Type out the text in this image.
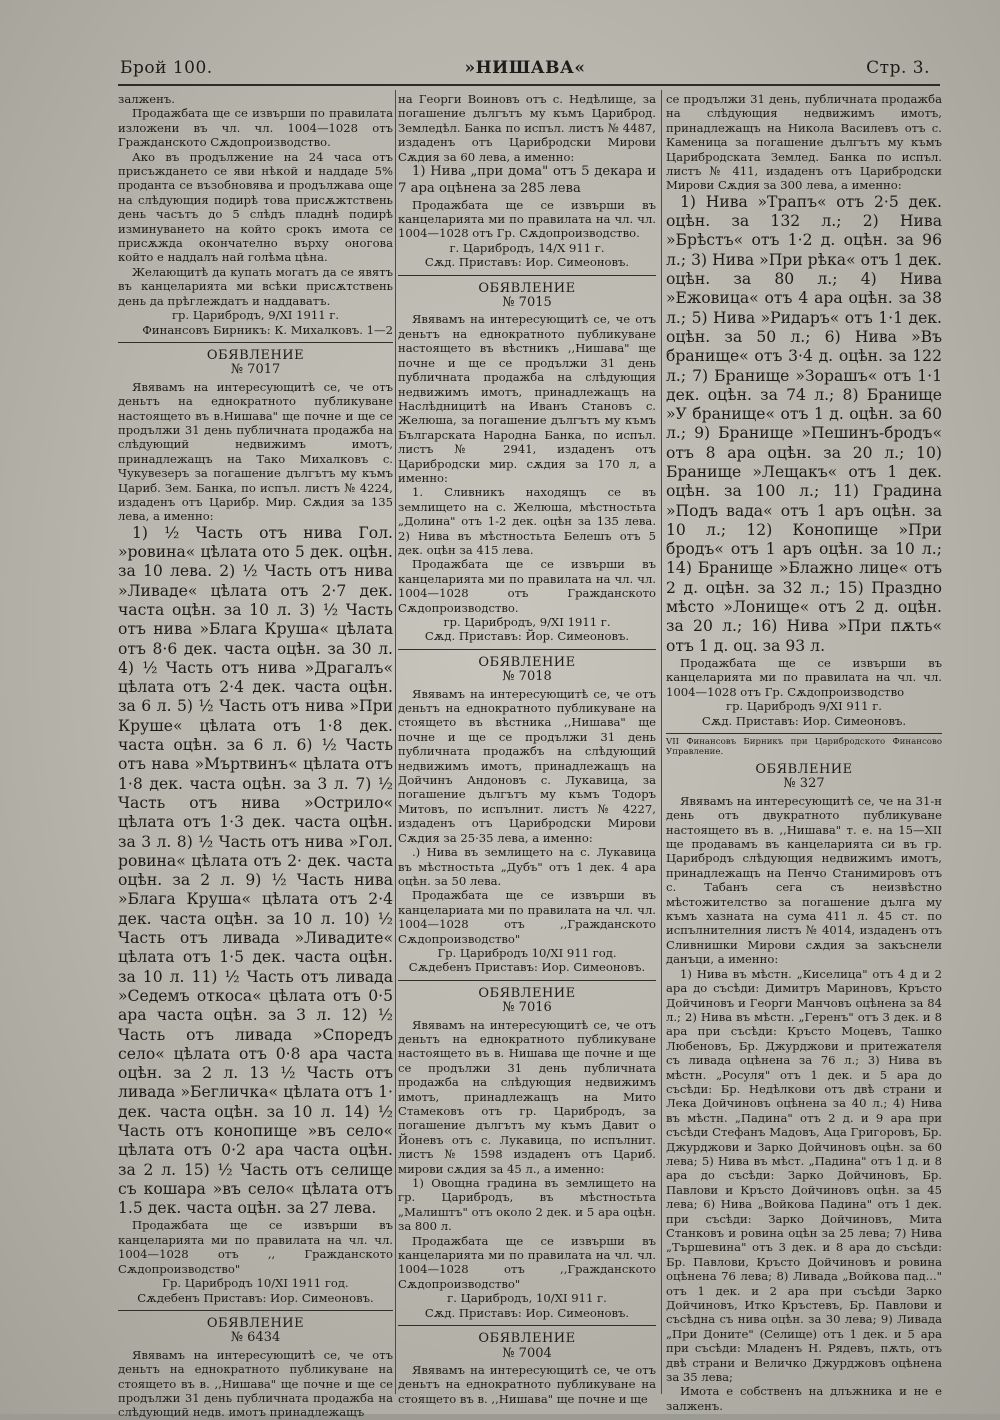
Брой 100.	»НИШАВА«	Стр. 3.

залженъ.

Продажбата ще се извърши по правилата изложени въ чл. чл. 1004—1028 отъ Гражданското Сѫдопроизводство.

Ако въ продължение на 24 часа отъ присъждането се яви нѣкой и наддаде 5% проданта се възобновява и продължава още на слѣдующия подирѣ това присѫжтствень день часътъ до 5 слѣдъ пладнѣ подирѣ изминуването на който срокъ имота се присѫжда окончателно върху оногова който е наддалъ най голѣма цѣна.

Желающитѣ да купать могатъ да се явятъ въ канцеларията ми всѣки присѫтствень день да прѣглеждатъ и наддаватъ.

гр. Царибродъ, 9/XI 1911 г.

Финансовъ Бирникъ: К. Михалковъ. 1—2

ОБЯВЛЕНИЕ

№ 7017

Явявамъ на интересующитѣ се, че отъ деньтъ на еднократното публикуване настоящето въ в.Нишава" ще почне и ще се продължи 31 день публичната продажба на слѣдующий недвижимъ имотъ, принадлежащъ на Тако Михалковъ с. Чукувезеръ за погашение дългътъ му къмъ Цариб. Зем. Банка, по испъл. листъ № 4224, издаденъ отъ Царибр. Мир. Сѫдия за 135 лева, а именно:

1) ½ Часть отъ нива Гол. »ровина« цѣлата ото 5 дек. оцѣн. за 10 лева. 2) ½ Часть отъ нива »Ливаде« цѣлата отъ 2·7 дек. часта оцѣн. за 10 л. 3) ½ Часть отъ нива »Блага Круша« цѣлата отъ 8·6 дек. часта оцѣн. за 30 л. 4) ½ Часть отъ нива »Драгалъ« цѣлата отъ 2·4 дек. часта оцѣн. за 6 л. 5) ½ Часть отъ нива »При Круше« цѣлата отъ 1·8 дек. часта оцѣн. за 6 л. 6) ½ Часть отъ нава »Мъртвинъ« цѣлата отъ 1·8 дек. часта оцѣн. за 3 л. 7) ½ Часть отъ нива »Острило« цѣлата отъ 1·3 дек. часта оцѣн. за 3 л. 8) ½ Часть отъ нива »Гол. ровина« цѣлата отъ 2· дек. часта оцѣн. за 2 л. 9) ½ Часть нива »Блага Круша« цѣлата отъ 2·4 дек. часта оцѣн. за 10 л. 10) ½ Часть отъ ливада »Ливадите« цѣлата отъ 1·5 дек. часта оцѣн. за 10 л. 11) ½ Часть отъ ливада »Седемъ откоса« цѣлата отъ 0·5 ара часта оцѣн. за 3 л. 12) ½ Часть отъ ливада »Споредъ село« цѣлата отъ 0·8 ара часта оцѣн. за 2 л. 13 ½ Часть отъ ливада »Бегличка« цѣлата отъ 1· дек. часта оцѣн. за 10 л. 14) ½ Часть отъ конопище »въ село« цѣлата отъ 0·2 ара часта оцѣн. за 2 л. 15) ½ Часть отъ селище съ кошара »въ село« цѣлата отъ 1.5 дек. часта оцѣн. за 27 лева.

Продажбата ще се извърши въ канцеларията ми по правилата на чл. чл. 1004—1028 отъ ,, Гражданското Сѫдопроизводство"

Гр. Царибродъ 10/XI 1911 год.

Сѫдебенъ Приставъ: Иор. Симеоновъ.

ОБЯВЛЕНИЕ

№ 6434

Явявамъ на интересующитѣ се, че отъ деньтъ на еднократното публикуване на стоящето въ в. ,,Нишава" ще почне и ще се продължи 31 день публичната продажба на слѣдующий недв. имотъ принадлежащъ

на Георги Воиновъ отъ с. Недѣлище, за погашение дългътъ му къмъ Цариброд. Земледѣл. Банка по испъл. листъ № 4487, издаденъ отъ Царибродски Мирови Сѫдия за 60 лева, а именно:

1) Нива „при дома" отъ 5 декара и 7 ара оцѣнена за 285 лева

Продажбата ще се извърши въ канцеларията ми по правилата на чл. чл. 1004—1028 отъ Гр. Сѫдопроизводство.

г. Царибродъ, 14/X 911 г.

Сѫд. Приставъ: Иор. Симеоновъ.

ОБЯВЛЕНИЕ

№ 7015

Явявамъ на интересующитѣ се, че отъ деньтъ на еднократното публикуване настоящето въ вѣстникъ ,,Нишава" ще почне и ще се продължи 31 день публичната продажба на слѣдующия недвижимъ имотъ, принадлежащъ на Наслѣдницитѣ на Иванъ Становъ с. Желюша, за погашение дългътъ му къмъ Българската Народна Банка, по испъл. листъ № 2941, издаденъ отъ Царибродски мир. сѫдия за 170 л, а именно:

1. Сливникъ находящъ се въ землището на с. Желюша, мѣстностьта „Долина" отъ 1-2 дек. оцѣн за 135 лева. 2) Нива въ мѣстностьта Белешъ отъ 5 дек. оцѣн за 415 лева.

Продажбата ще се извърши въ канцеларията ми по правилата на чл. чл. 1004—1028 отъ Гражданското Сѫдопроизводство.

гр. Царибродъ, 9/XI 1911 г.

Сѫд. Приставъ: Йор. Симеоновъ.

ОБЯВЛЕНИЕ

№ 7018

Явявамъ на интересующитѣ се, че отъ деньтъ на еднократното публикуване на стоящето въ вѣстника ,,Нишава" ще почне и ще се продължи 31 день публичната продажбъ на слѣдующий недвижимъ имотъ, принадлежащъ на Дойчинъ Андоновъ с. Лукавица, за погашение дългътъ му къмъ Тодоръ Митовъ, по испълнит. листъ № 4227, издаденъ отъ Царибродски Мирови Сѫдия за 25·35 лева, а именно:

.) Нива въ землището на с. Лукавица въ мѣстностьта „Дубъ" отъ 1 дек. 4 ара оцѣн. за 50 лева.

Продажбата ще се извърши въ канцелариата ми по правилата на чл. чл. 1004—1028 отъ ,,Гражданското Сѫдопроизводство"

Гр. Царибродъ 10/XI 911 год.

Сѫдебенъ Приставъ: Иор. Симеоновъ.

ОБЯВЛЕНИЕ

№ 7016

Явявамъ на интересующитѣ се, че отъ деньтъ на еднократното публикуване настоящето въ в. Нишава ще почне и ще се продължи 31 день публичната продажба на слѣдующия недвижимъ имотъ, принадлежащъ на Мито Стамековъ отъ гр. Царибродъ, за погашение дългътъ му къмъ Давит о Йоневъ отъ с. Лукавица, по испълнит. листъ № 1598 издаденъ отъ Цариб. мирови сѫдия за 45 л., а именно:

1) Овощна градина въ землището на гр. Царибродъ, въ мѣстностьта „Малиштъ" отъ около 2 дек. и 5 ара оцѣн. за 800 л.

Продажбата ще се извърши въ канцеларията ми по правилата на чл. чл. 1004—1028 отъ ,,Гражданското Сѫдопроизводство"

г. Царибродъ, 10/XI 911 г.

Сѫд. Приставъ: Иор. Симеоновъ.

ОБЯВЛЕНИЕ

№ 7004

Явявамъ на интересующитѣ се, че отъ деньтъ на еднократното публикуване на стоящето въ в. ,,Нишава" ще почне и ще

се продължи 31 день, публичната продажба на слѣдующия недвижимъ имотъ, принадлежащъ на Никола Василевъ отъ с. Каменица за погашение дългътъ му къмъ Царибродската Землед. Банка по испъл. листъ № 411, издаденъ отъ Царибродски Мирови Сѫдия за 300 лева, а именно:

1) Нива »Трапъ« отъ 2·5 дек. оцѣн. за 132 л.; 2) Нива »Брѣстъ« отъ 1·2 д. оцѣн. за 96 л.; 3) Нива »При рѣка« отъ 1 дек. оцѣн. за 80 л.; 4) Нива »Ежовица« отъ 4 ара оцѣн. за 38 л.; 5) Нива »Ридаръ« отъ 1·1 дек. оцѣн. за 50 л.; 6) Нива »Въ бранище« отъ 3·4 д. оцѣн. за 122 л.; 7) Бранище »Зорашъ« отъ 1·1 дек. оцѣн. за 74 л.; 8) Бранище »У бранище« отъ 1 д. оцѣн. за 60 л.; 9) Бранище »Пешинъ-бродъ« отъ 8 ара оцѣн. за 20 л.; 10) Бранище »Лещакъ« отъ 1 дек. оцѣн. за 100 л.; 11) Градина »Подъ вада« отъ 1 аръ оцѣн. за 10 л.; 12) Конопище »При бродъ« отъ 1 аръ оцѣн. за 10 л.; 14) Бранище »Блажно лице« отъ 2 д. оцѣн. за 32 л.; 15) Праздно мѣсто »Лонище« отъ 2 д. оцѣн. за 20 л.; 16) Нива »При пѫть« отъ 1 д. оц. за 93 л.

Продажбата ще се извърши въ канцеларията ми по правилата на чл. чл. 1004—1028 отъ Гр. Сѫдопроизводство

гр. Царибродъ 9/XI 911 г.

Сѫд. Приставъ: Иор. Симеоновъ.

VII Финансовъ Бирникъ при Царибродското Финансово Управление.

ОБЯВЛЕНИЕ

№ 327

Явявамъ на интересующитѣ се, че на 31-н день отъ двукратното публикуване настоящето въ в. ,,Нишава" т. е. на 15—XII ще продавамъ въ канцеларията си въ гр. Царибродъ слѣдующия недвижимъ имотъ, принадлежащъ на Пенчо Станимировъ отъ с. Табанъ сега съ неизвѣстно мѣстожителство за погашение дълга му къмъ хазната на сума 411 л. 45 ст. по испълнителния листъ № 4014, издаденъ отъ Сливнишки Мирови сѫдия за закъснели данъци, а именно:

1) Нива въ мѣстн. „Киселица" отъ 4 д и 2 ара до съсѣди: Димитръ Мариновъ, Кръсто Дойчиновъ и Георги Манчовъ оцѣнена за 84 л.; 2) Нива въ мѣстн. „Геренъ" отъ 3 дек. и 8 ара при съсѣди: Кръсто Моцевъ, Ташко Любеновъ, Бр. Джурджови и притежателя съ ливада оцѣнена за 76 л.; 3) Нива въ мѣстн. „Росуля" отъ 1 дек. и 5 ара до съсѣди: Бр. Недѣлкови отъ двѣ страни и Лека Дойчиновъ оцѣнена за 40 л.; 4) Нива въ мѣстн. „Падина" отъ 2 д. и 9 ара при съсѣди Стефанъ Мадовъ, Аца Григоровъ, Бр. Джурджови и Зарко Дойчиновъ оцѣн. за 60 лева; 5) Нива въ мѣст. „Падина" отъ 1 д. и 8 ара до съсѣди: Зарко Дойчиновъ, Бр. Павлови и Кръсто Дойчиновъ оцѣн. за 45 лева; 6) Нива „Войкова Падина" отъ 1 дек. при съсѣди: Зарко Дойчиновъ, Мита Станковъ и ровина оцѣн за 25 лева; 7) Нива „Тършевина" отъ 3 дек. и 8 ара до съсѣди: Бр. Павлови, Кръсто Дойчиновъ и ровина оцѣнена 76 лева; 8) Ливада „Войкова пад..." отъ 1 дек. и 2 ара при съсѣди Зарко Дойчиновъ, Итко Кръстевъ, Бр. Павлови и съсѣдна съ нива оцѣн. за 30 лева; 9) Ливада „При Доните" (Селище) отъ 1 дек. и 5 ара при съсѣди: Младенъ Н. Рядевъ, пѫть, отъ двѣ страни и Величко Джурджовъ оцѣнена за 35 лева;

Имота е собственъ на длъжника и не е залженъ.
